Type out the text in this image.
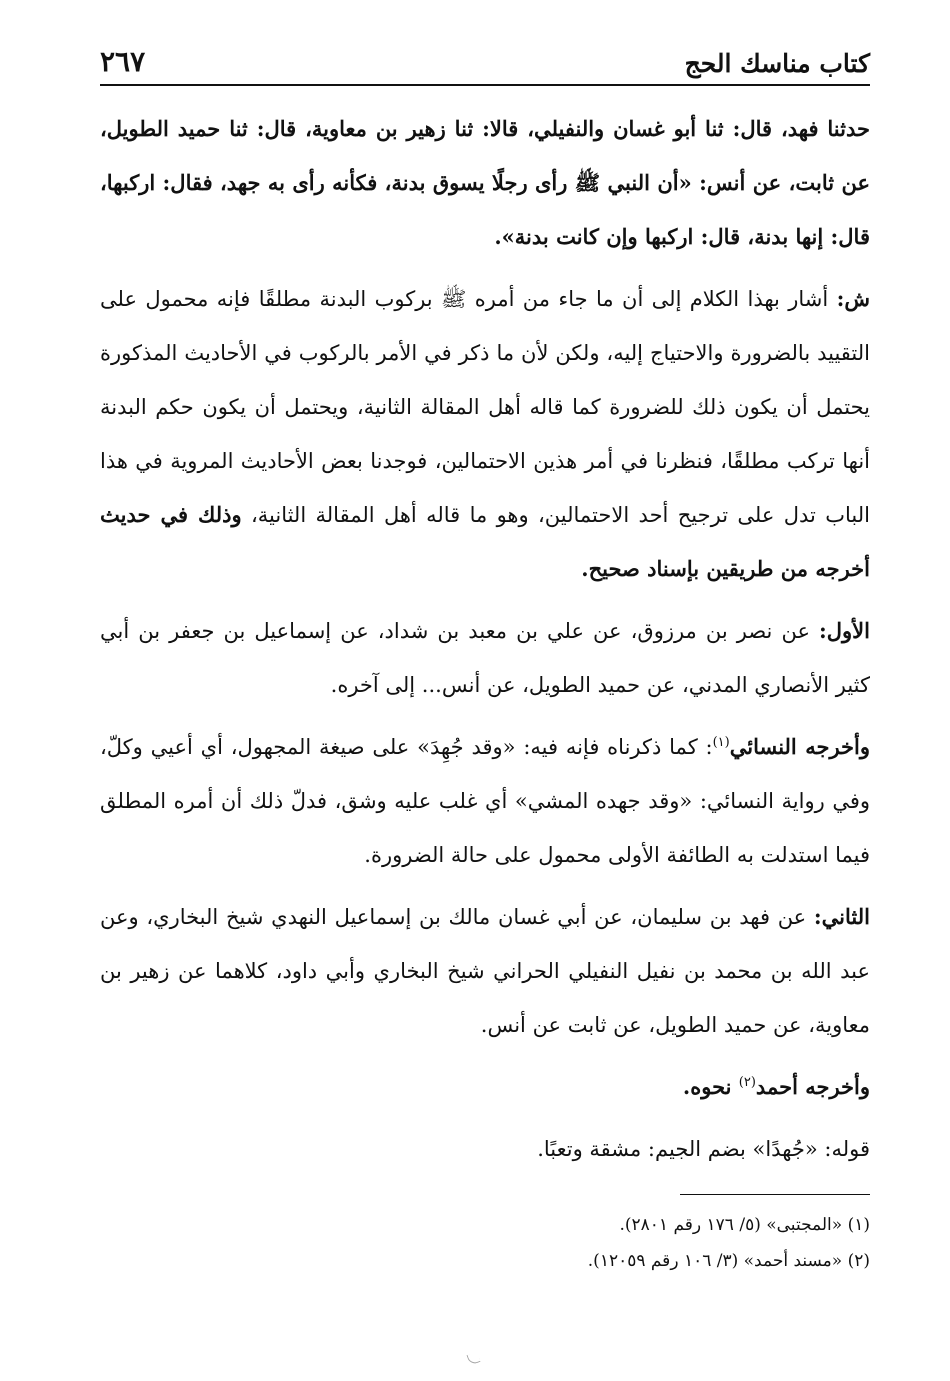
كتاب مناسك الحج
٢٦٧

حدثنا فهد، قال: ثنا أبو غسان والنفيلي، قالا: ثنا زهير بن معاوية، قال: ثنا حميد الطويل، عن ثابت، عن أنس: «أن النبي ﷺ رأى رجلًا يسوق بدنة، فكأنه رأى به جهد، فقال: اركبها، قال: إنها بدنة، قال: اركبها وإن كانت بدنة».

ش: أشار بهذا الكلام إلى أن ما جاء من أمره ﷺ بركوب البدنة مطلقًا فإنه محمول على التقييد بالضرورة والاحتياج إليه، ولكن لأن ما ذكر في الأمر بالركوب في الأحاديث المذكورة يحتمل أن يكون ذلك للضرورة كما قاله أهل المقالة الثانية، ويحتمل أن يكون حكم البدنة أنها تركب مطلقًا، فنظرنا في أمر هذين الاحتمالين، فوجدنا بعض الأحاديث المروية في هذا الباب تدل على ترجيح أحد الاحتمالين، وهو ما قاله أهل المقالة الثانية، وذلك في حديث أخرجه من طريقين بإسناد صحيح.

الأول: عن نصر بن مرزوق، عن علي بن معبد بن شداد، عن إسماعيل بن جعفر بن أبي كثير الأنصاري المدني، عن حميد الطويل، عن أنس... إلى آخره.

وأخرجه النسائي$^{(١)}$: كما ذكرناه فإنه فيه: «وقد جُهِدَ» على صيغة المجهول، أي أعيي وكلّ، وفي رواية النسائي: «وقد جهده المشي» أي غلب عليه وشق، فدلّ ذلك أن أمره المطلق فيما استدلت به الطائفة الأولى محمول على حالة الضرورة.

الثاني: عن فهد بن سليمان، عن أبي غسان مالك بن إسماعيل النهدي شيخ البخاري، وعن عبد الله بن محمد بن نفيل النفيلي الحراني شيخ البخاري وأبي داود، كلاهما عن زهير بن معاوية، عن حميد الطويل، عن ثابت عن أنس.

وأخرجه أحمد$^{(٢)}$ نحوه.

قوله: «جُهدًا» بضم الجيم: مشقة وتعبًا.

(١) «المجتبى» (٥/ ١٧٦ رقم ٢٨٠١).
(٢) «مسند أحمد» (٣/ ١٠٦ رقم ١٢٠٥٩).
